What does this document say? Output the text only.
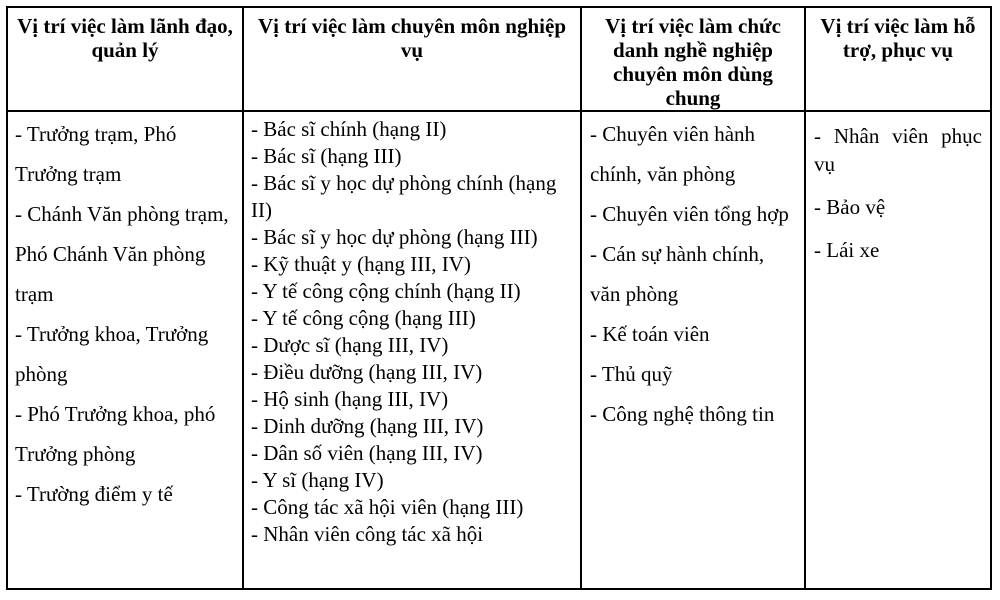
Vị trí việc làm lãnh đạo, quản lý
Vị trí việc làm chuyên môn nghiệp vụ
Vị trí việc làm chức danh nghề nghiệp chuyên môn dùng chung
Vị trí việc làm hỗ trợ, phục vụ
- Trưởng trạm, Phó Trưởng trạm
- Chánh Văn phòng trạm, Phó Chánh Văn phòng trạm
- Trưởng khoa, Trưởng phòng
- Phó Trưởng khoa, phó Trưởng phòng
- Trường điểm y tế
- Bác sĩ chính (hạng II)
- Bác sĩ (hạng III)
- Bác sĩ y học dự phòng chính (hạng II)
- Bác sĩ y học dự phòng (hạng III)
- Kỹ thuật y (hạng III, IV)
- Y tế công cộng chính (hạng II)
- Y tế công cộng (hạng III)
- Dược sĩ (hạng III, IV)
- Điều dưỡng (hạng III, IV)
- Hộ sinh (hạng III, IV)
- Dinh dưỡng (hạng III, IV)
- Dân số viên (hạng III, IV)
- Y sĩ (hạng IV)
- Công tác xã hội viên (hạng III)
- Nhân viên công tác xã hội
- Chuyên viên hành chính, văn phòng
- Chuyên viên tổng hợp
- Cán sự hành chính, văn phòng
- Kế toán viên
- Thủ quỹ
- Công nghệ thông tin
- Nhân viên phục vụ
- Bảo vệ
- Lái xe
